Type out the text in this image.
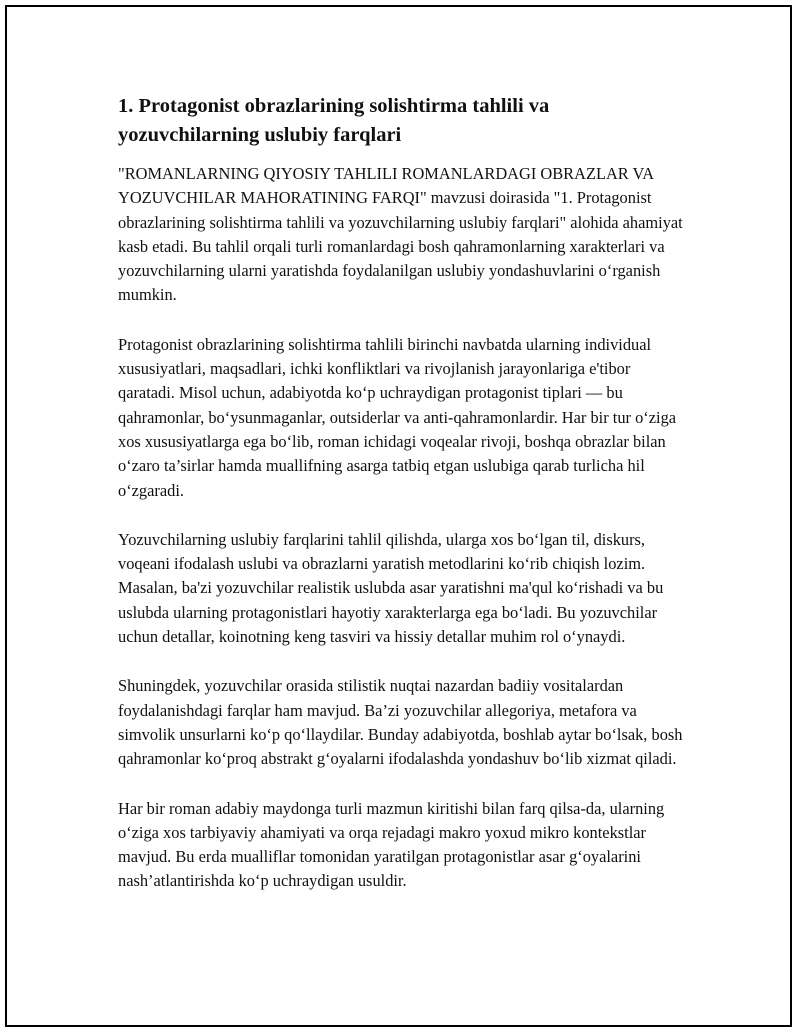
1. Protagonist obrazlarining solishtirma tahlili va yozuvchilarning uslubiy farqlari

"ROMANLARNING QIYOSIY TAHLILI ROMANLARDAGI OBRAZLAR VA YOZUVCHILAR MAHORATINING FARQI" mavzusi doirasida "1. Protagonist obrazlarining solishtirma tahlili va yozuvchilarning uslubiy farqlari" alohida ahamiyat kasb etadi. Bu tahlil orqali turli romanlardagi bosh qahramonlarning xarakterlari va yozuvchilarning ularni yaratishda foydalanilgan uslubiy yondashuvlarini o‘rganish mumkin.

Protagonist obrazlarining solishtirma tahlili birinchi navbatda ularning individual xususiyatlari, maqsadlari, ichki konfliktlari va rivojlanish jarayonlariga e'tibor qaratadi. Misol uchun, adabiyotda ko‘p uchraydigan protagonist tiplari — bu qahramonlar, bo‘ysunmaganlar, outsiderlar va anti-qahramonlardir. Har bir tur o‘ziga xos xususiyatlarga ega bo‘lib, roman ichidagi voqealar rivoji, boshqa obrazlar bilan o‘zaro ta’sirlar hamda muallifning asarga tatbiq etgan uslubiga qarab turlicha hil o‘zgaradi.

Yozuvchilarning uslubiy farqlarini tahlil qilishda, ularga xos bo‘lgan til, diskurs, voqeani ifodalash uslubi va obrazlarni yaratish metodlarini ko‘rib chiqish lozim. Masalan, ba'zi yozuvchilar realistik uslubda asar yaratishni ma'qul ko‘rishadi va bu uslubda ularning protagonistlari hayotiy xarakterlarga ega bo‘ladi. Bu yozuvchilar uchun detallar, koinotning keng tasviri va hissiy detallar muhim rol o‘ynaydi.

Shuningdek, yozuvchilar orasida stilistik nuqtai nazardan badiiy vositalardan foydalanishdagi farqlar ham mavjud. Ba’zi yozuvchilar allegoriya, metafora va simvolik unsurlarni ko‘p qo‘llaydilar. Bunday adabiyotda, boshlab aytar bo‘lsak, bosh qahramonlar ko‘proq abstrakt g‘oyalarni ifodalashda yondashuv bo‘lib xizmat qiladi.

Har bir roman adabiy maydonga turli mazmun kiritishi bilan farq qilsa-da, ularning o‘ziga xos tarbiyaviy ahamiyati va orqa rejadagi makro yoxud mikro kontekstlar mavjud. Bu erda mualliflar tomonidan yaratilgan protagonistlar asar g‘oyalarini nash’atlantirishda ko‘p uchraydigan usuldir.
